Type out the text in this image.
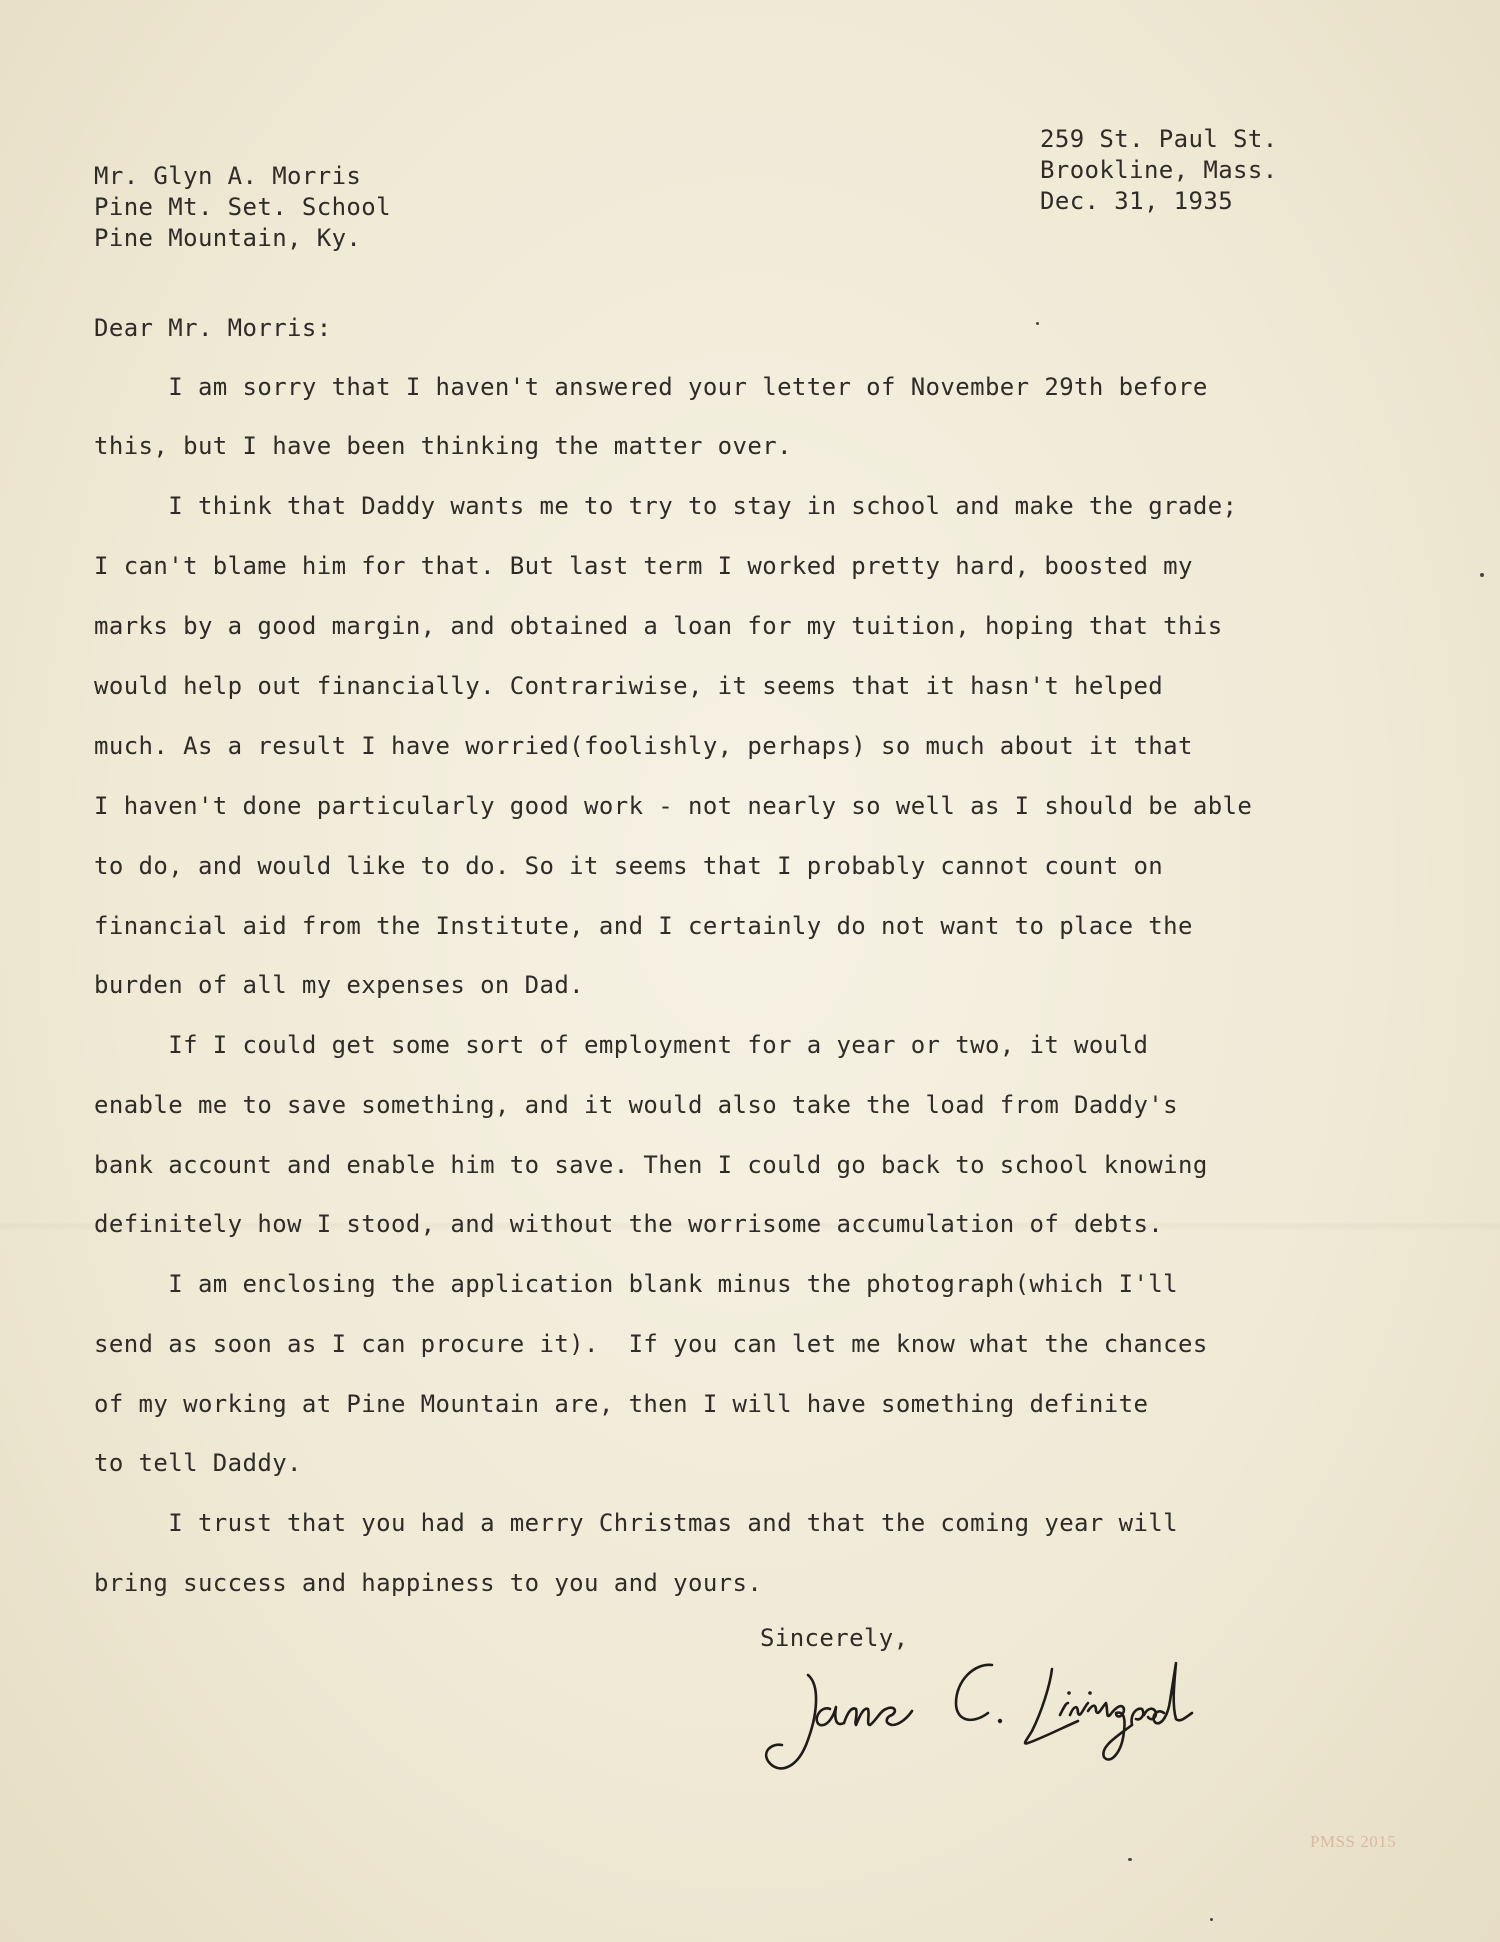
259 St. Paul St.
Brookline, Mass.
Dec. 31, 1935
Mr. Glyn A. Morris
Pine Mt. Set. School
Pine Mountain, Ky.
Dear Mr. Morris:
I am sorry that I haven't answered your letter of November 29th before
this, but I have been thinking the matter over.
I think that Daddy wants me to try to stay in school and make the grade;
I can't blame him for that. But last term I worked pretty hard, boosted my
marks by a good margin, and obtained a loan for my tuition, hoping that this
would help out financially. Contrariwise, it seems that it hasn't helped
much. As a result I have worried(foolishly, perhaps) so much about it that
I haven't done particularly good work - not nearly so well as I should be able
to do, and would like to do. So it seems that I probably cannot count on
financial aid from the Institute, and I certainly do not want to place the
burden of all my expenses on Dad.
If I could get some sort of employment for a year or two, it would
enable me to save something, and it would also take the load from Daddy's
bank account and enable him to save. Then I could go back to school knowing
definitely how I stood, and without the worrisome accumulation of debts.
I am enclosing the application blank minus the photograph(which I'll
send as soon as I can procure it).  If you can let me know what the chances
of my working at Pine Mountain are, then I will have something definite
to tell Daddy.
I trust that you had a merry Christmas and that the coming year will
bring success and happiness to you and yours.
Sincerely,
PMSS 2015
